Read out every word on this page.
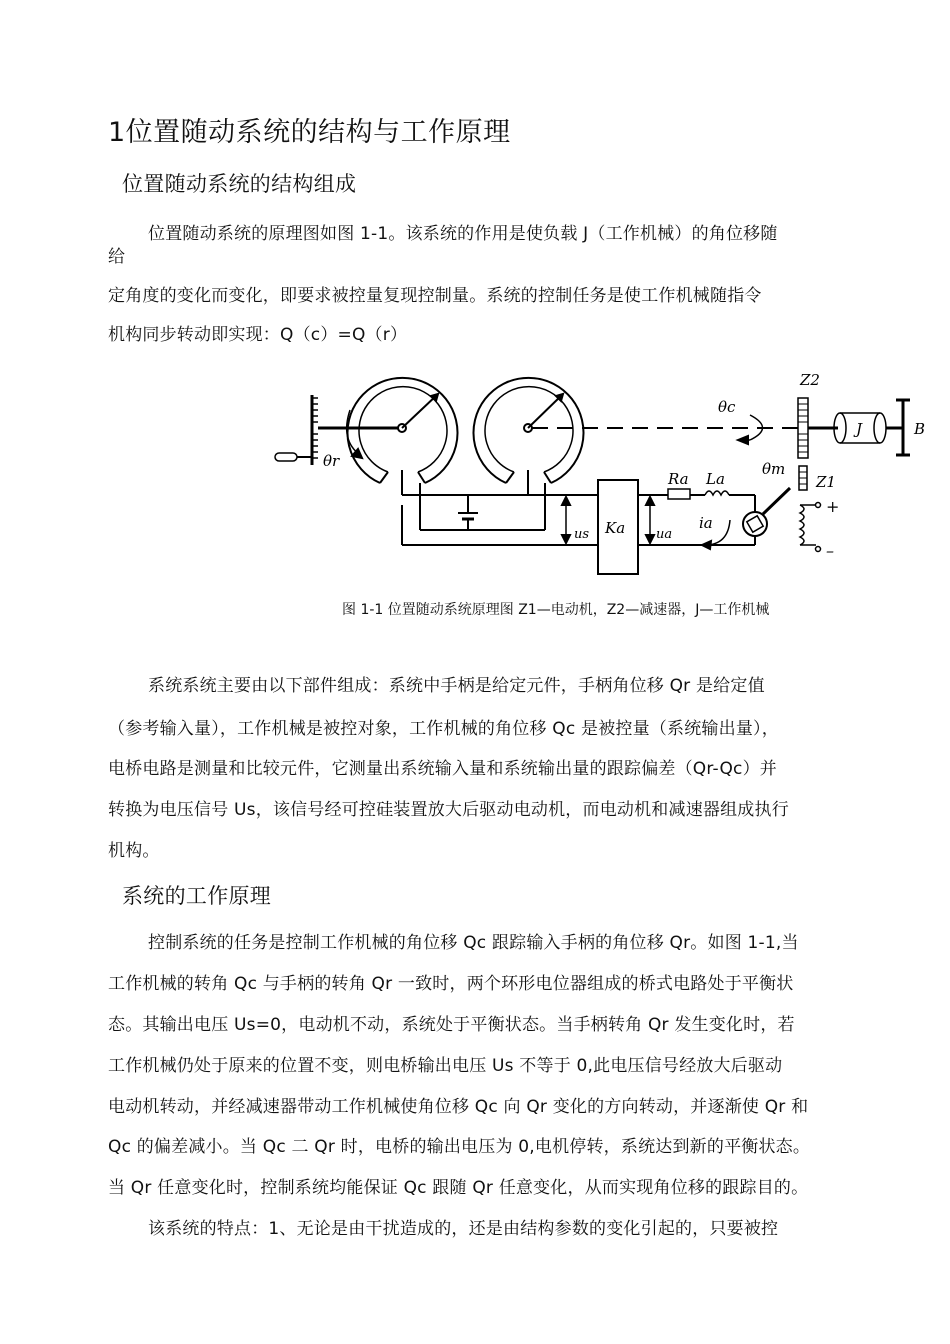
1位置随动系统的结构与工作原理
位置随动系统的结构组成
位置随动系统的原理图如图 1-1。该系统的作用是使负载 J（工作机械）的角位移随
给
定角度的变化而变化，即要求被控量复现控制量。系统的控制任务是使工作机械随指令
机构同步转动即实现：Q（c）=Q（r）
Z2
Z1
θc
θr	θm
J	B
Ra La
ia
Ka
us	ua
+
–
图 1-1 位置随动系统原理图 Z1—电动机，Z2—减速器，J—工作机械
系统系统主要由以下部件组成：系统中手柄是给定元件，手柄角位移 Qr 是给定值
（参考输入量），工作机械是被控对象，工作机械的角位移 Qc 是被控量（系统输出量），
电桥电路是测量和比较元件，它测量出系统输入量和系统输出量的跟踪偏差（Qr-Qc）并
转换为电压信号 Us，该信号经可控硅装置放大后驱动电动机，而电动机和减速器组成执行
机构。
系统的工作原理
控制系统的任务是控制工作机械的角位移 Qc 跟踪输入手柄的角位移 Qr。如图 1-1,当
工作机械的转角 Qc 与手柄的转角 Qr 一致时，两个环形电位器组成的桥式电路处于平衡状
态。其输出电压 Us=0，电动机不动，系统处于平衡状态。当手柄转角 Qr 发生变化时，若
工作机械仍处于原来的位置不变，则电桥输出电压 Us 不等于 0,此电压信号经放大后驱动
电动机转动，并经减速器带动工作机械使角位移 Qc 向 Qr 变化的方向转动，并逐渐使 Qr 和
Qc 的偏差减小。当 Qc 二 Qr 时，电桥的输出电压为 0,电机停转，系统达到新的平衡状态。
当 Qr 任意变化时，控制系统均能保证 Qc 跟随 Qr 任意变化，从而实现角位移的跟踪目的。
该系统的特点：1、无论是由干扰造成的，还是由结构参数的变化引起的，只要被控
